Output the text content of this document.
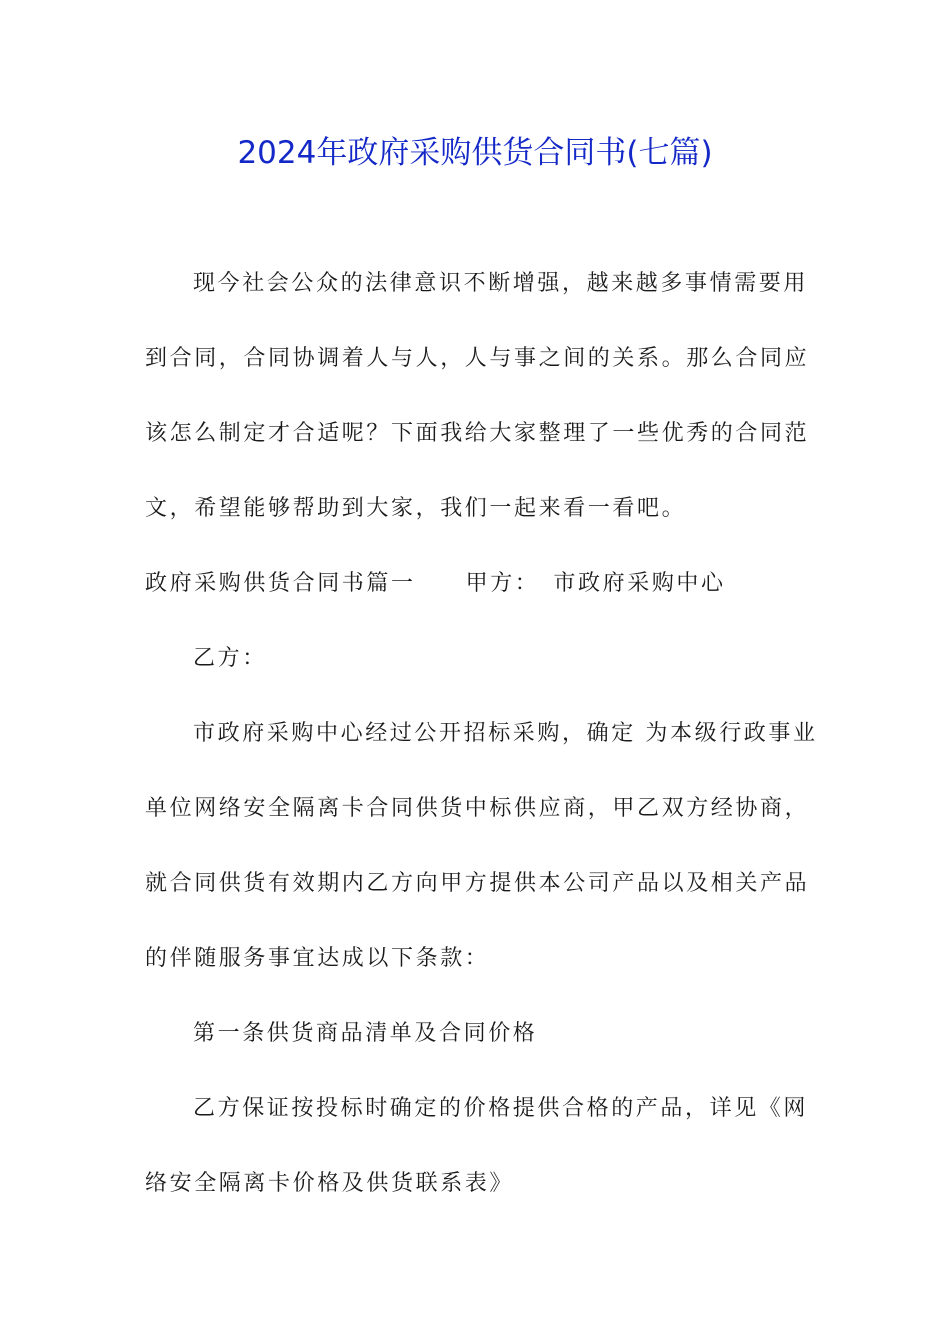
2024年政府采购供货合同书(七篇)
现今社会公众的法律意识不断增强，越来越多事情需要用
到合同，合同协调着人与人，人与事之间的关系。那么合同应
该怎么制定才合适呢？下面我给大家整理了一些优秀的合同范
文，希望能够帮助到大家，我们一起来看一看吧。
政府采购供货合同书篇一 甲方： 市政府采购中心
乙方：
市政府采购中心经过公开招标采购，确定 为本级行政事业
单位网络安全隔离卡合同供货中标供应商，甲乙双方经协商，
就合同供货有效期内乙方向甲方提供本公司产品以及相关产品
的伴随服务事宜达成以下条款：
第一条供货商品清单及合同价格
乙方保证按投标时确定的价格提供合格的产品，详见《网
络安全隔离卡价格及供货联系表》
